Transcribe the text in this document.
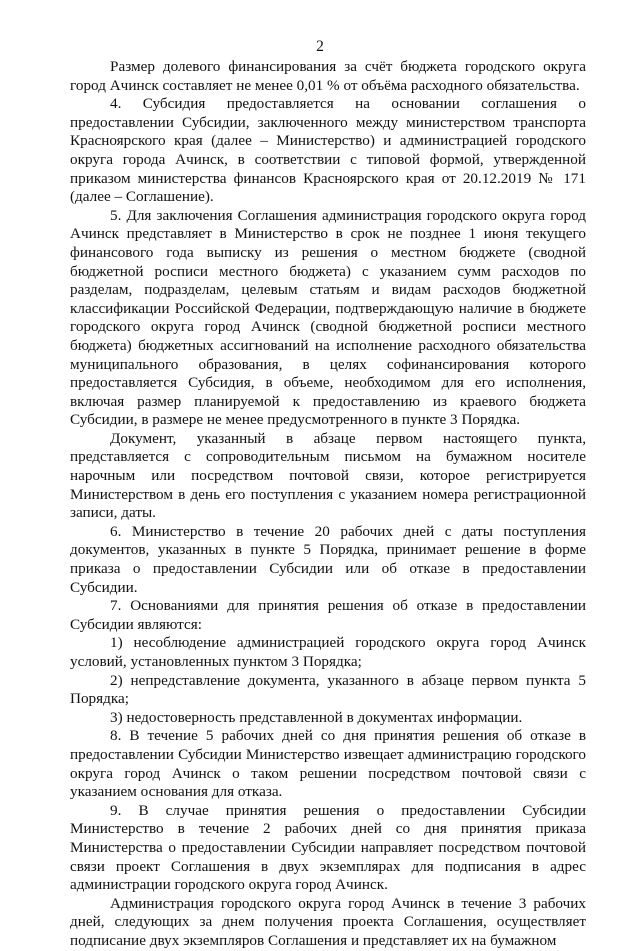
2

Размер долевого финансирования за счёт бюджета городского округа город Ачинск составляет не менее 0,01 % от объёма расходного обязательства.

4. Субсидия предоставляется на основании соглашения о предоставлении Субсидии, заключенного между министерством транспорта Красноярского края (далее – Министерство) и администрацией городского округа города Ачинск, в соответствии с типовой формой, утвержденной приказом министерства финансов Красноярского края от 20.12.2019 № 171 (далее – Соглашение).

5. Для заключения Соглашения администрация городского округа город Ачинск представляет в Министерство в срок не позднее 1 июня текущего финансового года выписку из решения о местном бюджете (сводной бюджетной росписи местного бюджета) с указанием сумм расходов по разделам, подразделам, целевым статьям и видам расходов бюджетной классификации Российской Федерации, подтверждающую наличие в бюджете городского округа город Ачинск (сводной бюджетной росписи местного бюджета) бюджетных ассигнований на исполнение расходного обязательства муниципального образования, в целях софинансирования которого предоставляется Субсидия, в объеме, необходимом для его исполнения, включая размер планируемой к предоставлению из краевого бюджета Субсидии, в размере не менее предусмотренного в пункте 3 Порядка.

Документ, указанный в абзаце первом настоящего пункта, представляется с сопроводительным письмом на бумажном носителе нарочным или посредством почтовой связи, которое регистрируется Министерством в день его поступления с указанием номера регистрационной записи, даты.

6. Министерство в течение 20 рабочих дней с даты поступления документов, указанных в пункте 5 Порядка, принимает решение в форме приказа о предоставлении Субсидии или об отказе в предоставлении Субсидии.

7. Основаниями для принятия решения об отказе в предоставлении Субсидии являются:

1) несоблюдение администрацией городского округа город Ачинск условий, установленных пунктом 3 Порядка;

2) непредставление документа, указанного в абзаце первом пункта 5 Порядка;

3) недостоверность представленной в документах информации.

8. В течение 5 рабочих дней со дня принятия решения об отказе в предоставлении Субсидии Министерство извещает администрацию городского округа город Ачинск о таком решении посредством почтовой связи с указанием основания для отказа.

9. В случае принятия решения о предоставлении Субсидии Министерство в течение 2 рабочих дней со дня принятия приказа Министерства о предоставлении Субсидии направляет посредством почтовой связи проект Соглашения в двух экземплярах для подписания в адрес администрации городского округа город Ачинск.

Администрация городского округа город Ачинск в течение 3 рабочих дней, следующих за днем получения проекта Соглашения, осуществляет подписание двух экземпляров Соглашения и представляет их на бумажном
